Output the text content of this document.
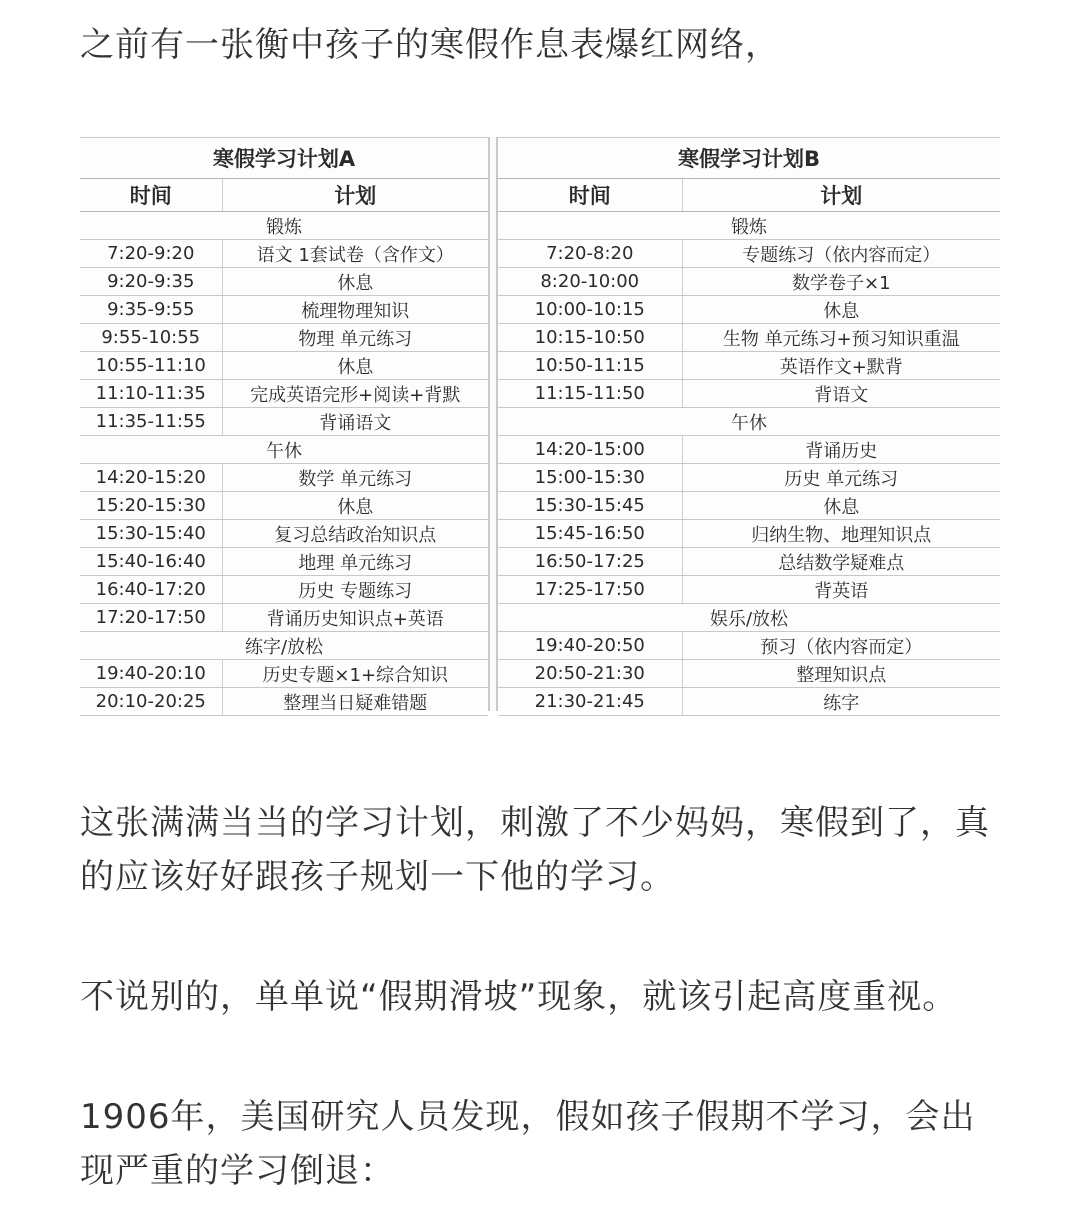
之前有一张衡中孩子的寒假作息表爆红网络，

寒假学习计划A	
时间	计划
锻炼	
7:20-9:20	语文 1套试卷（含作文）
9:20-9:35	休息
9:35-9:55	梳理物理知识
9:55-10:55	物理 单元练习
10:55-11:10	休息
11:10-11:35	完成英语完形+阅读+背默
11:35-11:55	背诵语文
午休	
14:20-15:20	数学 单元练习
15:20-15:30	休息
15:30-15:40	复习总结政治知识点
15:40-16:40	地理 单元练习
16:40-17:20	历史 专题练习
17:20-17:50	背诵历史知识点+英语
练字/放松	
19:40-20:10	历史专题×1+综合知识
20:10-20:25	整理当日疑难错题
寒假学习计划B	
时间	计划
锻炼	
7:20-8:20	专题练习（依内容而定）
8:20-10:00	数学卷子×1
10:00-10:15	休息
10:15-10:50	生物 单元练习+预习知识重温
10:50-11:15	英语作文+默背
11:15-11:50	背语文
午休	
14:20-15:00	背诵历史
15:00-15:30	历史 单元练习
15:30-15:45	休息
15:45-16:50	归纳生物、地理知识点
16:50-17:25	总结数学疑难点
17:25-17:50	背英语
娱乐/放松	
19:40-20:50	预习（依内容而定）
20:50-21:30	整理知识点
21:30-21:45	练字

这张满满当当的学习计划，刺激了不少妈妈，寒假到了，真的应该好好跟孩子规划一下他的学习。

不说别的，单单说“假期滑坡”现象，就该引起高度重视。

1906年，美国研究人员发现，假如孩子假期不学习，会出现严重的学习倒退：
